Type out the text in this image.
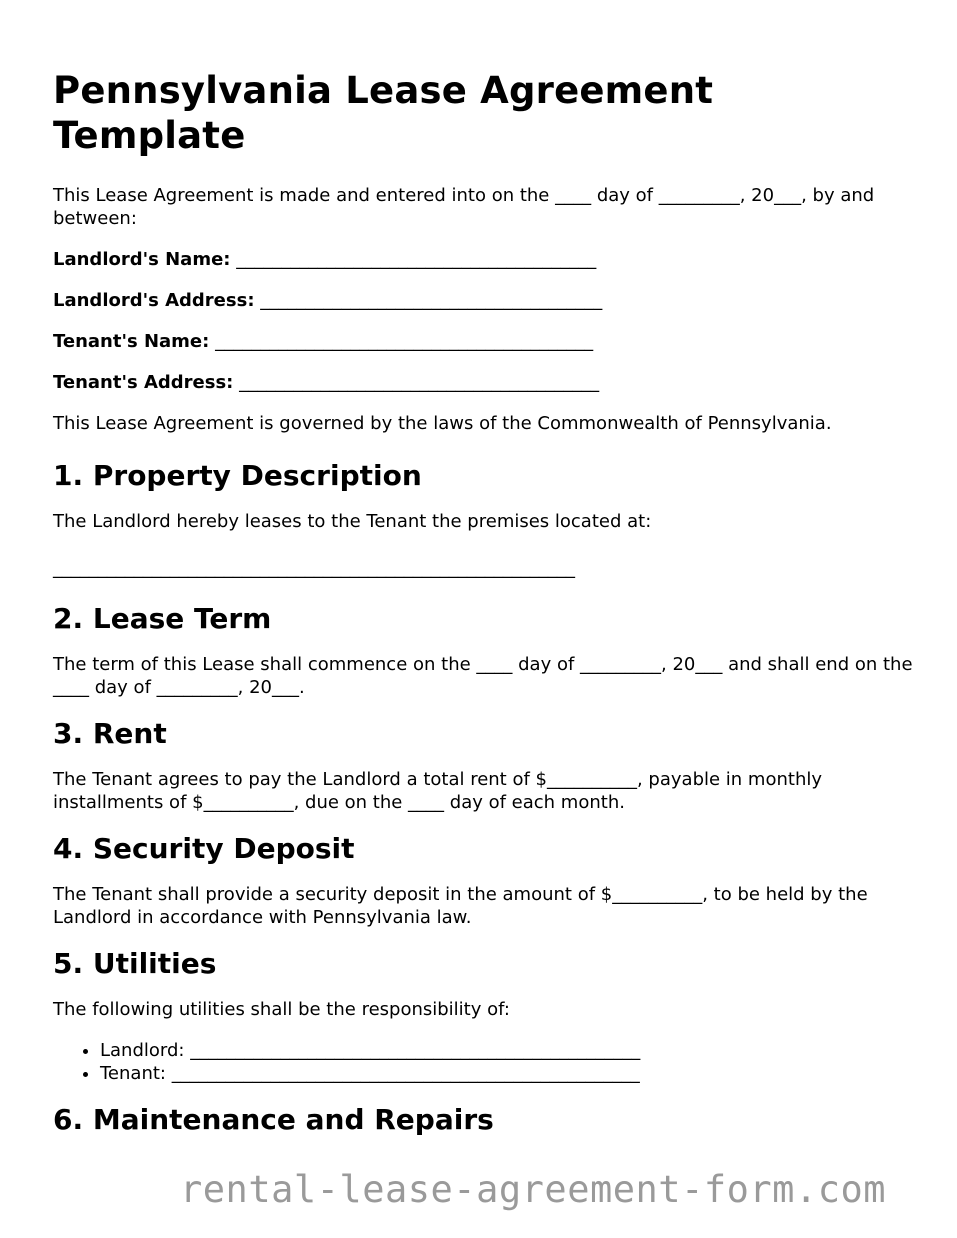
Pennsylvania Lease Agreement Template

This Lease Agreement is made and entered into on the ____ day of _________, 20___, by and between:

Landlord's Name: ________________________________________
Landlord's Address: ______________________________________
Tenant's Name: __________________________________________
Tenant's Address: ________________________________________

This Lease Agreement is governed by the laws of the Commonwealth of Pennsylvania.

1. Property Description

The Landlord hereby leases to the Tenant the premises located at:

__________________________________________________________
2. Lease Term

The term of this Lease shall commence on the ____ day of _________, 20___ and shall end on the ____ day of _________, 20___.

3. Rent

The Tenant agrees to pay the Landlord a total rent of $__________, payable in monthly installments of $__________, due on the ____ day of each month.

4. Security Deposit

The Tenant shall provide a security deposit in the amount of $__________, to be held by the Landlord in accordance with Pennsylvania law.

5. Utilities

The following utilities shall be the responsibility of:

• Landlord: __________________________________________________
• Tenant: ____________________________________________________
6. Maintenance and Repairs
rental-lease-agreement-form.com
